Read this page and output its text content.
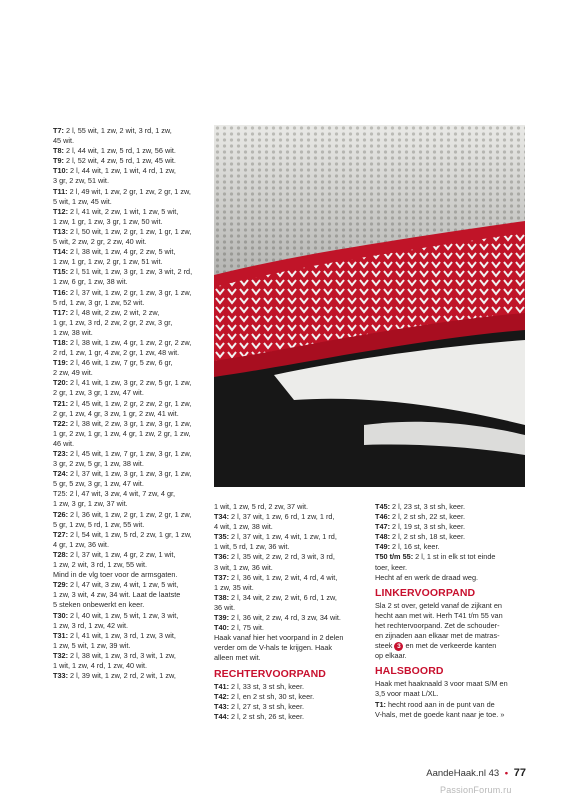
T7: 2 l, 55 wit, 1 zw, 2 wit, 3 rd, 1 zw,
45 wit.
T8: 2 l, 44 wit, 1 zw, 5 rd, 1 zw, 56 wit.
T9: 2 l, 52 wit, 4 zw, 5 rd, 1 zw, 45 wit.
T10: 2 l, 44 wit, 1 zw, 1 wit, 4 rd, 1 zw,
3 gr, 2 zw, 51 wit.
T11: 2 l, 49 wit, 1 zw, 2 gr, 1 zw, 2 gr, 1 zw,
5 wit, 1 zw, 45 wit.
T12: 2 l, 41 wit, 2 zw, 1 wit, 1 zw, 5 wit,
1 zw, 1 gr, 1 zw, 3 gr, 1 zw, 50 wit.
T13: 2 l, 50 wit, 1 zw, 2 gr, 1 zw, 1 gr, 1 zw,
5 wit, 2 zw, 2 gr, 2 zw, 40 wit.
T14: 2 l, 38 wit, 1 zw, 4 gr, 2 zw, 5 wit,
1 zw, 1 gr, 1 zw, 2 gr, 1 zw, 51 wit.
T15: 2 l, 51 wit, 1 zw, 3 gr, 1 zw, 3 wit, 2 rd,
1 zw, 6 gr, 1 zw, 38 wit.
T16: 2 l, 37 wit, 1 zw, 2 gr, 1 zw, 3 gr, 1 zw,
5 rd, 1 zw, 3 gr, 1 zw, 52 wit.
T17: 2 l, 48 wit, 2 zw, 2 wit, 2 zw,
1 gr, 1 zw, 3 rd, 2 zw, 2 gr, 2 zw, 3 gr,
1 zw, 38 wit.
T18: 2 l, 38 wit, 1 zw, 4 gr, 1 zw, 2 gr, 2 zw,
2 rd, 1 zw, 1 gr, 4 zw, 2 gr, 1 zw, 48 wit.
T19: 2 l, 46 wit, 1 zw, 7 gr, 5 zw, 6 gr,
2 zw, 49 wit.
T20: 2 l, 41 wit, 1 zw, 3 gr, 2 zw, 5 gr, 1 zw,
2 gr, 1 zw, 3 gr, 1 zw, 47 wit.
T21: 2 l, 45 wit, 1 zw, 2 gr, 2 zw, 2 gr, 1 zw,
2 gr, 1 zw, 4 gr, 3 zw, 1 gr, 2 zw, 41 wit.
T22: 2 l, 38 wit, 2 zw, 3 gr, 1 zw, 3 gr, 1 zw,
1 gr, 2 zw, 1 gr, 1 zw, 4 gr, 1 zw, 2 gr, 1 zw,
46 wit.
T23: 2 l, 45 wit, 1 zw, 7 gr, 1 zw, 3 gr, 1 zw,
3 gr, 2 zw, 5 gr, 1 zw, 38 wit.
T24: 2 l, 37 wit, 1 zw, 3 gr, 1 zw, 3 gr, 1 zw,
5 gr, 5 zw, 3 gr, 1 zw, 47 wit.
T25: 2 l, 47 wit, 3 zw, 4 wit, 7 zw, 4 gr,
1 zw, 3 gr, 1 zw, 37 wit.
T26: 2 l, 36 wit, 1 zw, 2 gr, 1 zw, 2 gr, 1 zw,
5 gr, 1 zw, 5 rd, 1 zw, 55 wit.
T27: 2 l, 54 wit, 1 zw, 5 rd, 2 zw, 1 gr, 1 zw,
4 gr, 1 zw, 36 wit.
T28: 2 l, 37 wit, 1 zw, 4 gr, 2 zw, 1 wit,
1 zw, 2 wit, 3 rd, 1 zw, 55 wit.
Mind in de vlg toer voor de armsgaten.
T29: 2 l, 47 wit, 3 zw, 4 wit, 1 zw, 5 wit,
1 zw, 3 wit, 4 zw, 34 wit. Laat de laatste
5 steken onbewerkt en keer.
T30: 2 l, 40 wit, 1 zw, 5 wit, 1 zw, 3 wit,
1 zw, 3 rd, 1 zw, 42 wit.
T31: 2 l, 41 wit, 1 zw, 3 rd, 1 zw, 3 wit,
1 zw, 5 wit, 1 zw, 39 wit.
T32: 2 l, 38 wit, 1 zw, 3 rd, 3 wit, 1 zw,
1 wit, 1 zw, 4 rd, 1 zw, 40 wit.
T33: 2 l, 39 wit, 1 zw, 2 rd, 2 wit, 1 zw,
1 wit, 1 zw, 5 rd, 2 zw, 37 wit.
T34: 2 l, 37 wit, 1 zw, 6 rd, 1 zw, 1 rd,
4 wit, 1 zw, 38 wit.
T35: 2 l, 37 wit, 1 zw, 4 wit, 1 zw, 1 rd,
1 wit, 5 rd, 1 zw, 36 wit.
T36: 2 l, 35 wit, 2 zw, 2 rd, 3 wit, 3 rd,
3 wit, 1 zw, 36 wit.
T37: 2 l, 36 wit, 1 zw, 2 wit, 4 rd, 4 wit,
1 zw, 35 wit.
T38: 2 l, 34 wit, 2 zw, 2 wit, 6 rd, 1 zw,
36 wit.
T39: 2 l, 36 wit, 2 zw, 4 rd, 3 zw, 34 wit.
T40: 2 l, 75 wit.
Haak vanaf hier het voorpand in 2 delen
verder om de V-hals te krijgen. Haak
alleen met wit.
RECHTERVOORPAND
T41: 2 l, 33 st, 3 st sh, keer.
T42: 2 l, en 2 st sh, 30 st, keer.
T43: 2 l, 27 st, 3 st sh, keer.
T44: 2 l, 2 st sh, 26 st, keer.
T45: 2 l, 23 st, 3 st sh, keer.
T46: 2 l, 2 st sh, 22 st, keer.
T47: 2 l, 19 st, 3 st sh, keer.
T48: 2 l, 2 st sh, 18 st, keer.
T49: 2 l, 16 st, keer.
T50 t/m 55: 2 l, 1 st in elk st tot einde
toer, keer.
Hecht af en werk de draad weg.
LINKERVOORPAND
Sla 2 st over, geteld vanaf de zijkant en
hecht aan met wit. Herh T41 t/m 55 van
het rechtervoorpand. Zet de schouder-
en zijnaden aan elkaar met de matras-
steek 3 en met de verkeerde kanten
op elkaar.
HALSBOORD
Haak met haaknaald 3 voor maat S/M en
3,5 voor maat L/XL.
T1: hecht rood aan in de punt van de
V-hals, met de goede kant naar je toe. »
AandeHaak.nl 43 • 77
PassionForum.ru
